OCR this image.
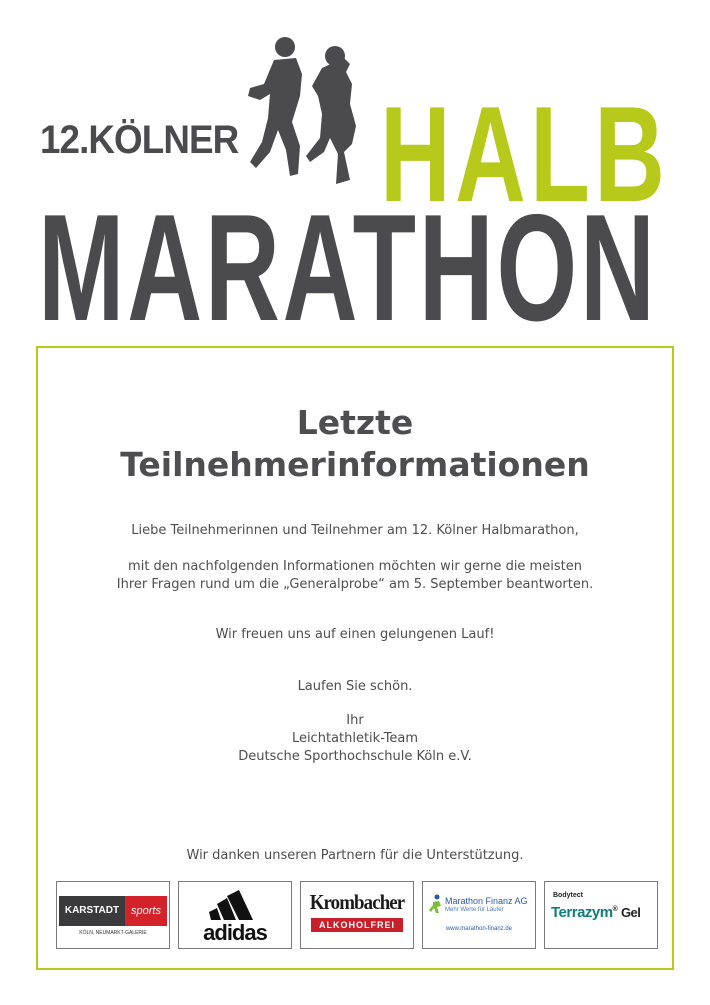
12.KÖLNER HALB
MARATHON
Letzte
Teilnehmerinformationen
Liebe Teilnehmerinnen und Teilnehmer am 12. Kölner Halbmarathon,
mit den nachfolgenden Informationen möchten wir gerne die meisten
Ihrer Fragen rund um die „Generalprobe“ am 5. September beantworten.
Wir freuen uns auf einen gelungenen Lauf!
Laufen Sie schön.
Ihr
Leichtathletik-Team
Deutsche Sporthochschule Köln e.V.
Wir danken unseren Partnern für die Unterstützung.
KARSTADT	sports
KÖLN, NEUMARKT-GALERIE	adidas
Krombacher
ALKOHOLFREI
Marathon Finanz AG
Mehr Werte für Läufer
www.marathon-finanz.de
Bodytect
Terrazym® Gel
